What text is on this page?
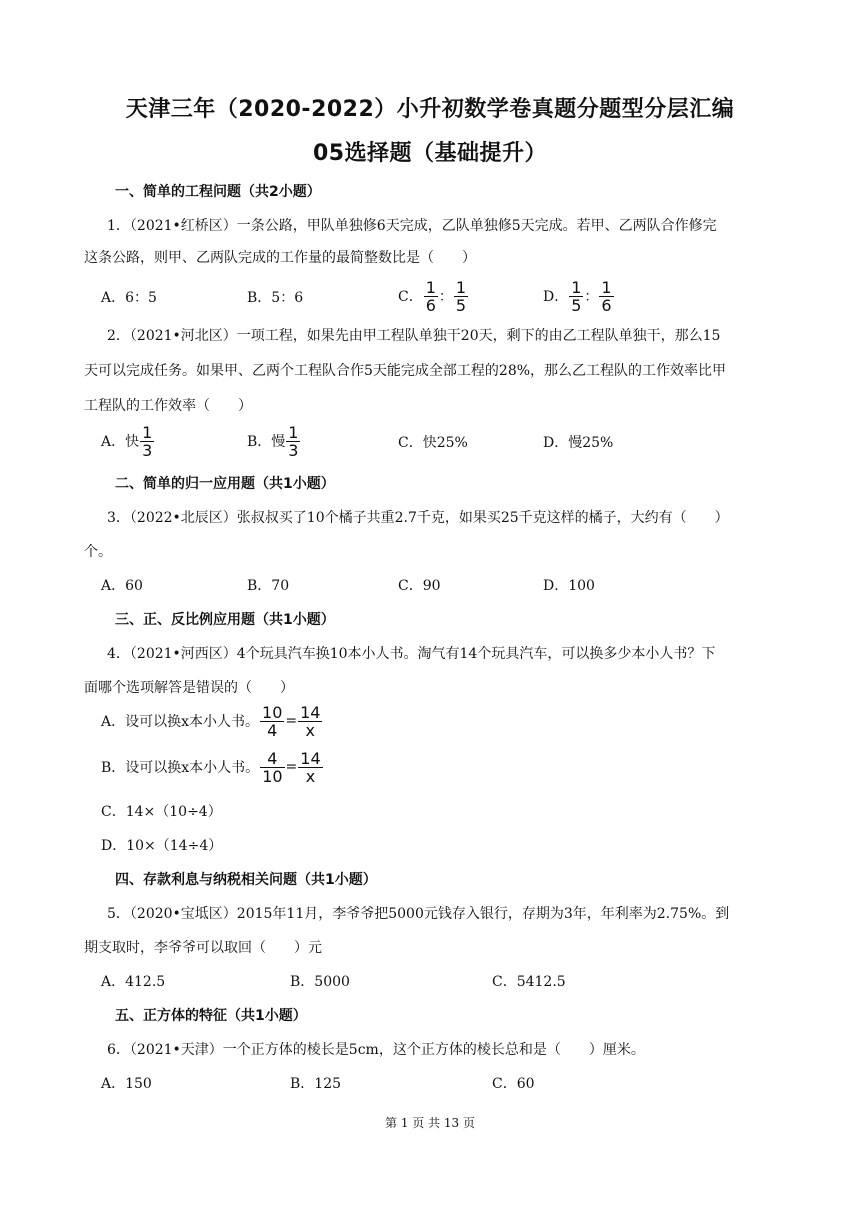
天津三年（2020-2022）小升初数学卷真题分题型分层汇编
05选择题（基础提升）
一、简单的工程问题（共2小题）
1．（2021•红桥区）一条公路，甲队单独修6天完成，乙队单独修5天完成。若甲、乙两队合作修完
这条公路，则甲、乙两队完成的工作量的最简整数比是（　　）
A．6：5	B．5：6	C． $\frac{1}{6}$ ： $\frac{1}{5}$	D． $\frac{1}{5}$ ： $\frac{1}{6}$
2．（2021•河北区）一项工程，如果先由甲工程队单独干20天，剩下的由乙工程队单独干，那么15
天可以完成任务。如果甲、乙两个工程队合作5天能完成全部工程的28%，那么乙工程队的工作效率比甲
工程队的工作效率（　　）
A．快 $\frac{1}{3}$	B．慢 $\frac{1}{3}$	C．快25%	D．慢25%
二、简单的归一应用题（共1小题）
3．（2022•北辰区）张叔叔买了10个橘子共重2.7千克，如果买25千克这样的橘子，大约有（　　）
个。
A．60	B．70	C．90	D．100
三、正、反比例应用题（共1小题）
4．（2021•河西区）4个玩具汽车换10本小人书。淘气有14个玩具汽车，可以换多少本小人书？下
面哪个选项解答是错误的（　　）
A．设可以换x本小人书。 $\frac{10}{4} = \frac{14}{x}$
B．设可以换x本小人书。 $\frac{4}{10} = \frac{14}{x}$
C．14×（10÷4）
D．10×（14÷4）
四、存款利息与纳税相关问题（共1小题）
5．（2020•宝坻区）2015年11月，李爷爷把5000元钱存入银行，存期为3年，年利率为2.75%。到
期支取时，李爷爷可以取回（　　）元
A．412.5	B．5000	C．5412.5
五、正方体的特征（共1小题）
6．（2021•天津）一个正方体的棱长是5cm，这个正方体的棱长总和是（　　）厘米。
A．150	B．125	C．60
第 1 页 共 13 页
